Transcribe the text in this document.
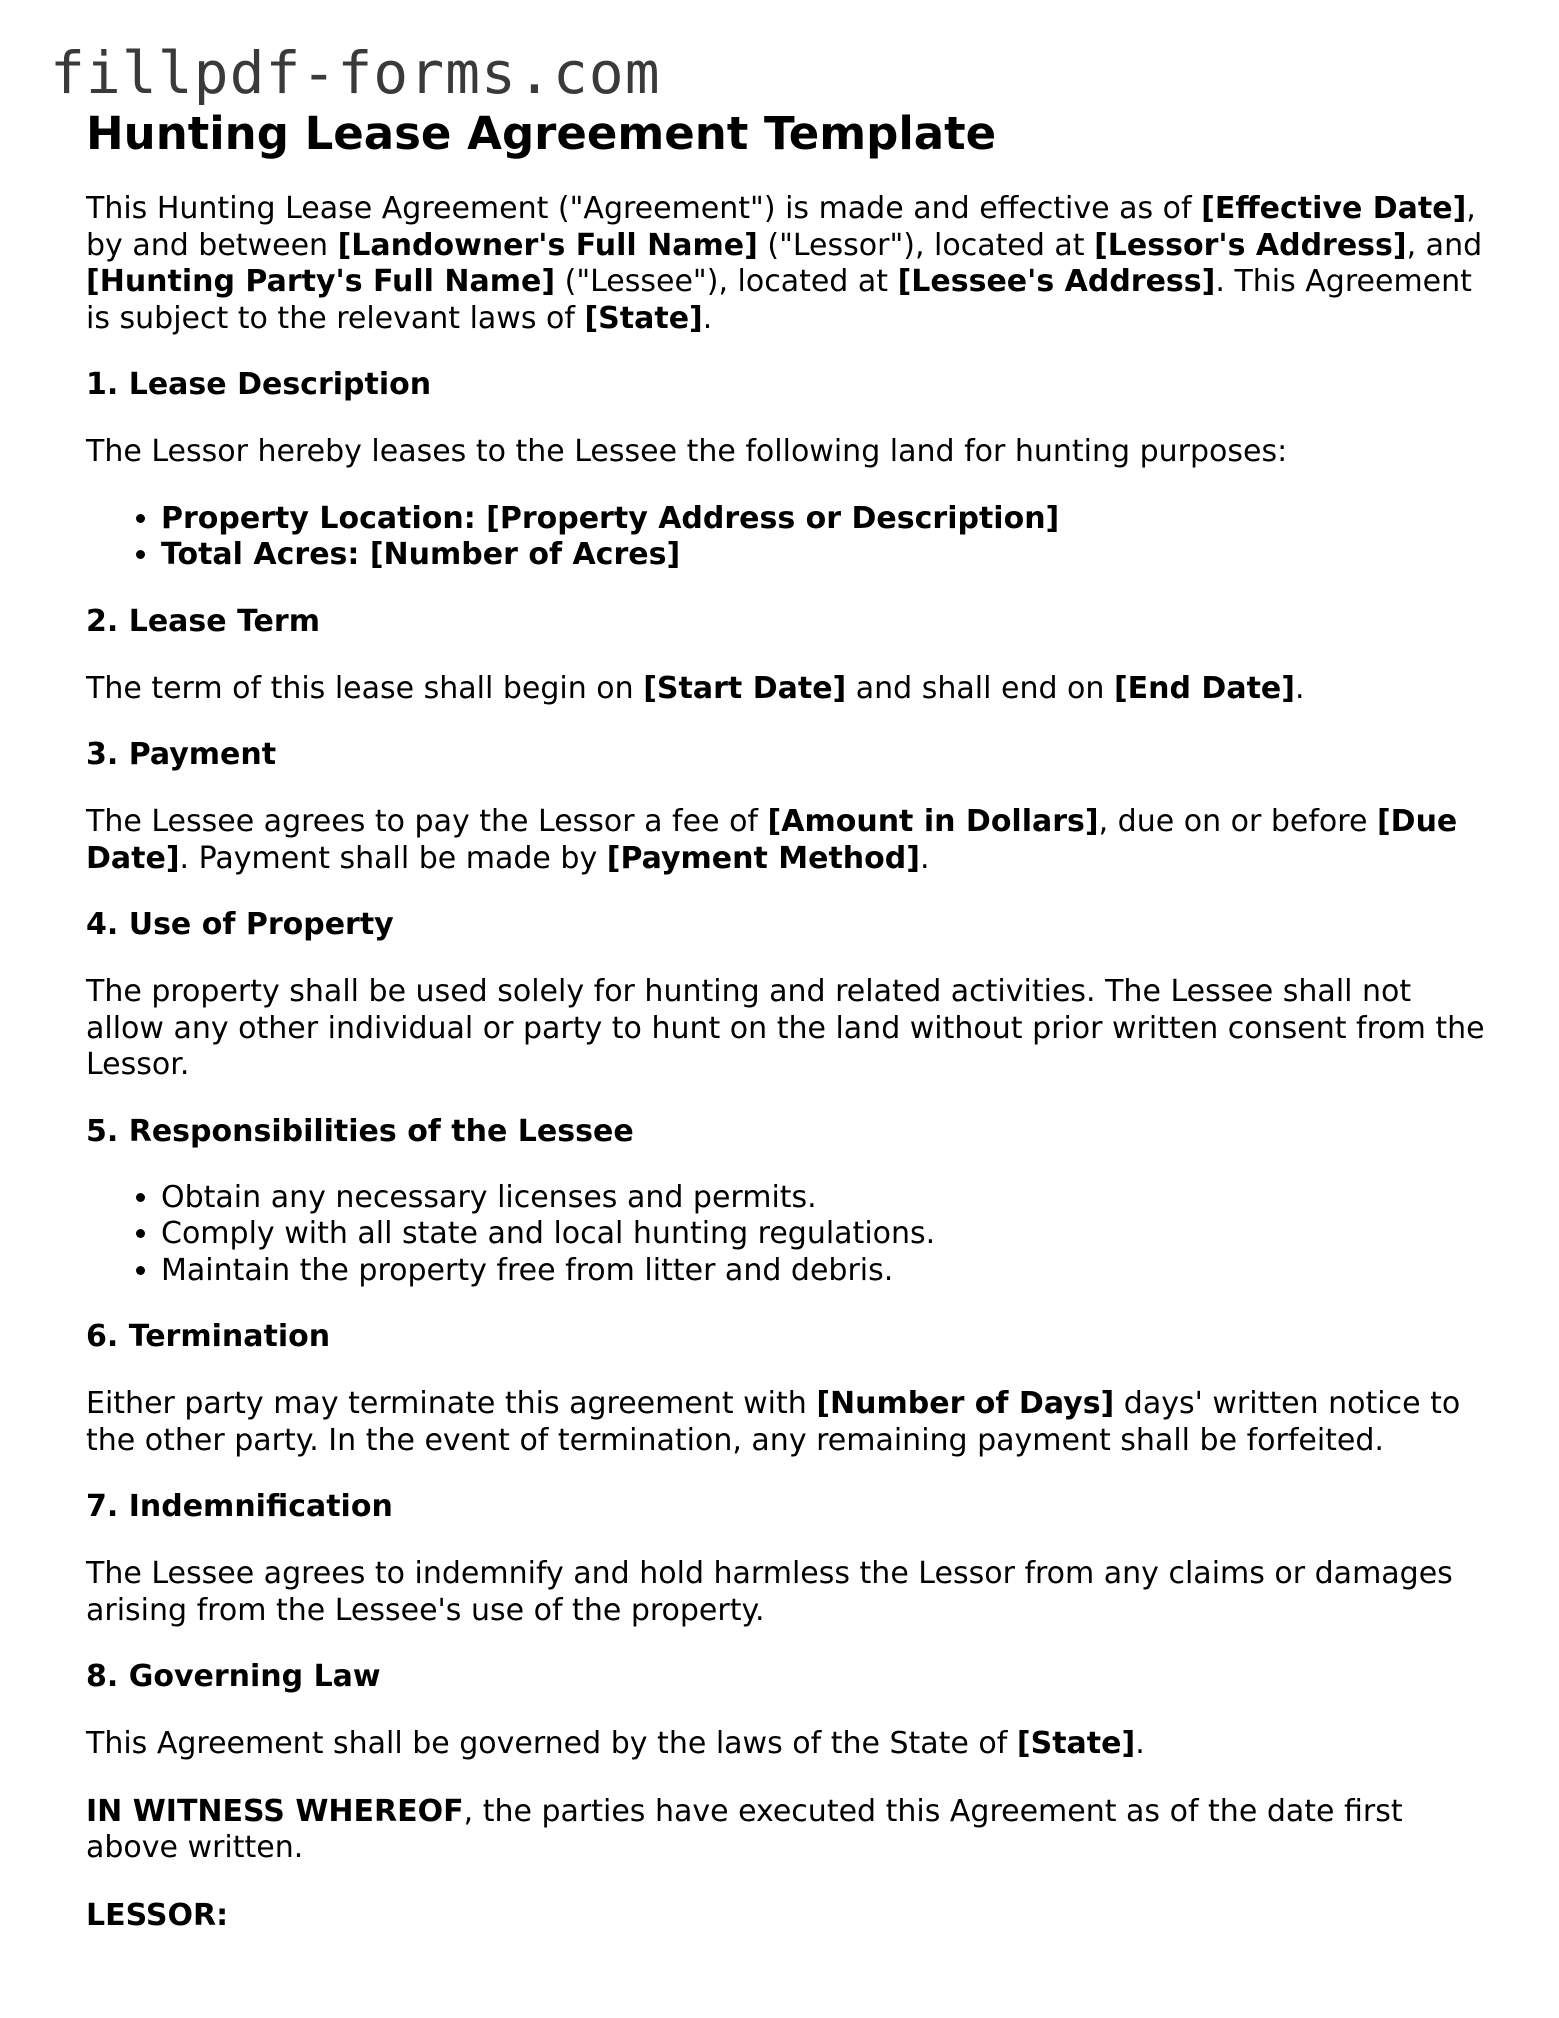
fillpdf-forms.com
Hunting Lease Agreement Template

This Hunting Lease Agreement ("Agreement") is made and effective as of [Effective Date], by and between [Landowner's Full Name] ("Lessor"), located at [Lessor's Address], and [Hunting Party's Full Name] ("Lessee"), located at [Lessee's Address]. This Agreement is subject to the relevant laws of [State].

1. Lease Description

The Lessor hereby leases to the Lessee the following land for hunting purposes:

• Property Location: [Property Address or Description]
• Total Acres: [Number of Acres]
2. Lease Term

The term of this lease shall begin on [Start Date] and shall end on [End Date].

3. Payment

The Lessee agrees to pay the Lessor a fee of [Amount in Dollars], due on or before [Due Date]. Payment shall be made by [Payment Method].

4. Use of Property

The property shall be used solely for hunting and related activities. The Lessee shall not allow any other individual or party to hunt on the land without prior written consent from the Lessor.

5. Responsibilities of the Lessee
• Obtain any necessary licenses and permits.
• Comply with all state and local hunting regulations.
• Maintain the property free from litter and debris.
6. Termination

Either party may terminate this agreement with [Number of Days] days' written notice to the other party. In the event of termination, any remaining payment shall be forfeited.

7. Indemnification

The Lessee agrees to indemnify and hold harmless the Lessor from any claims or damages arising from the Lessee's use of the property.

8. Governing Law

This Agreement shall be governed by the laws of the State of [State].

IN WITNESS WHEREOF, the parties have executed this Agreement as of the date first above written.

LESSOR:
